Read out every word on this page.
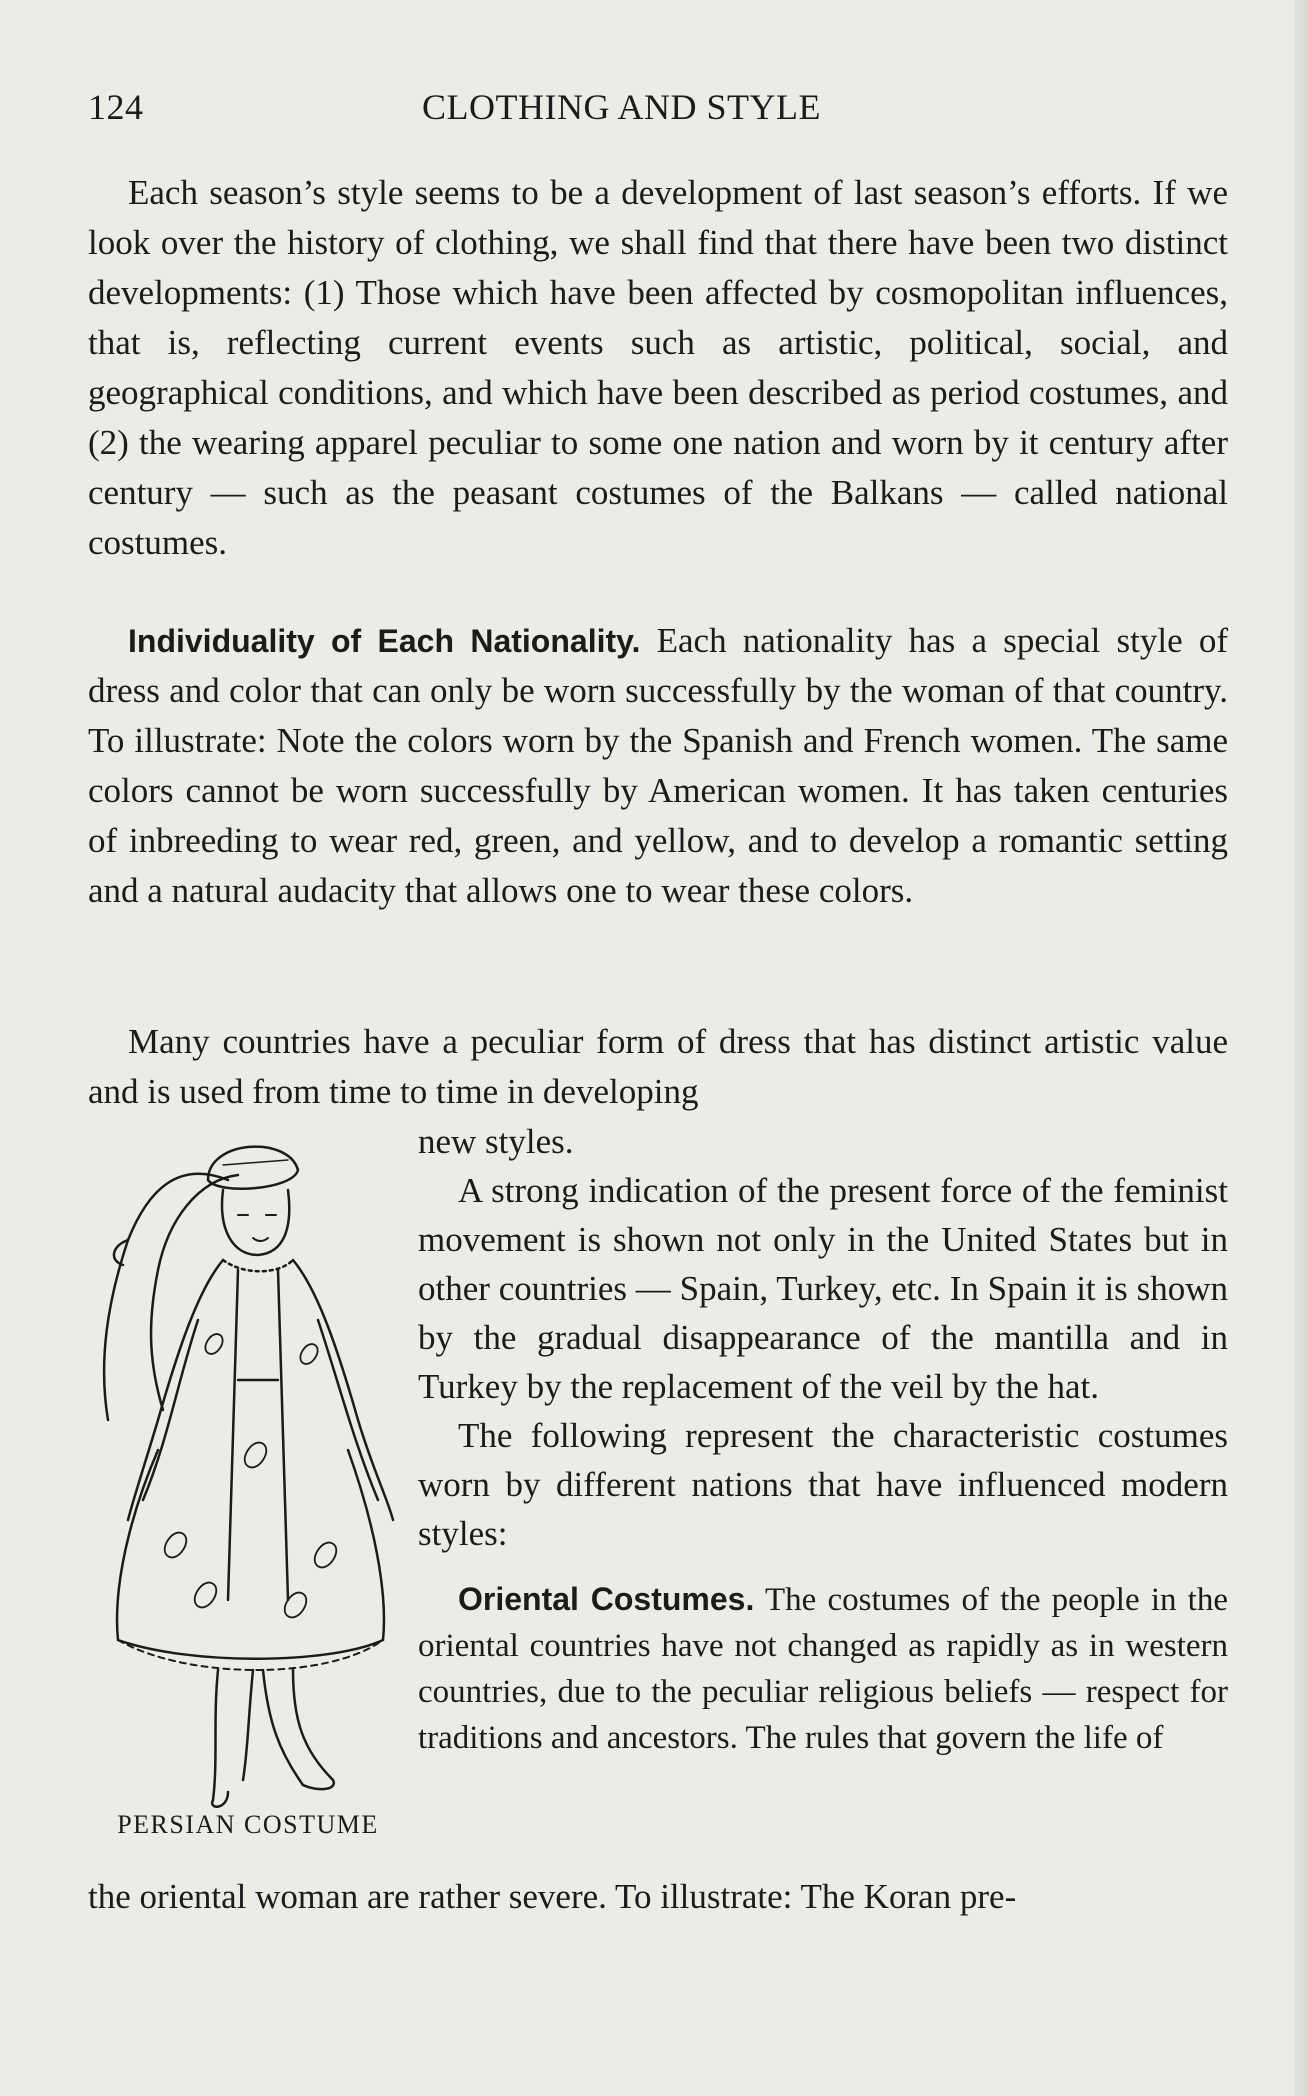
124	CLOTHING AND STYLE

Each season’s style seems to be a development of last season’s efforts. If we look over the history of clothing, we shall find that there have been two distinct developments: (1) Those which have been affected by cosmopolitan influences, that is, reflecting current events such as artistic, political, social, and geographical conditions, and which have been described as period costumes, and (2) the wearing apparel peculiar to some one nation and worn by it century after century — such as the peasant costumes of the Balkans — called national costumes.

Individuality of Each Nationality. Each nationality has a special style of dress and color that can only be worn successfully by the woman of that country. To illustrate: Note the colors worn by the Spanish and French women. The same colors cannot be worn successfully by American women. It has taken centuries of inbreeding to wear red, green, and yellow, and to develop a romantic setting and a natural audacity that allows one to wear these colors.

Many countries have a peculiar form of dress that has distinct artistic value and is used from time to time in developing

PERSIAN COSTUME

new styles.

A strong indication of the present force of the feminist movement is shown not only in the United States but in other countries — Spain, Turkey, etc. In Spain it is shown by the gradual disappearance of the mantilla and in Turkey by the replacement of the veil by the hat.

The following represent the characteristic costumes worn by different nations that have influenced modern styles:

Oriental Costumes. The costumes of the people in the oriental countries have not changed as rapidly as in western countries, due to the peculiar religious beliefs — respect for traditions and ancestors. The rules that govern the life of

the oriental woman are rather severe. To illustrate: The Koran pre-
